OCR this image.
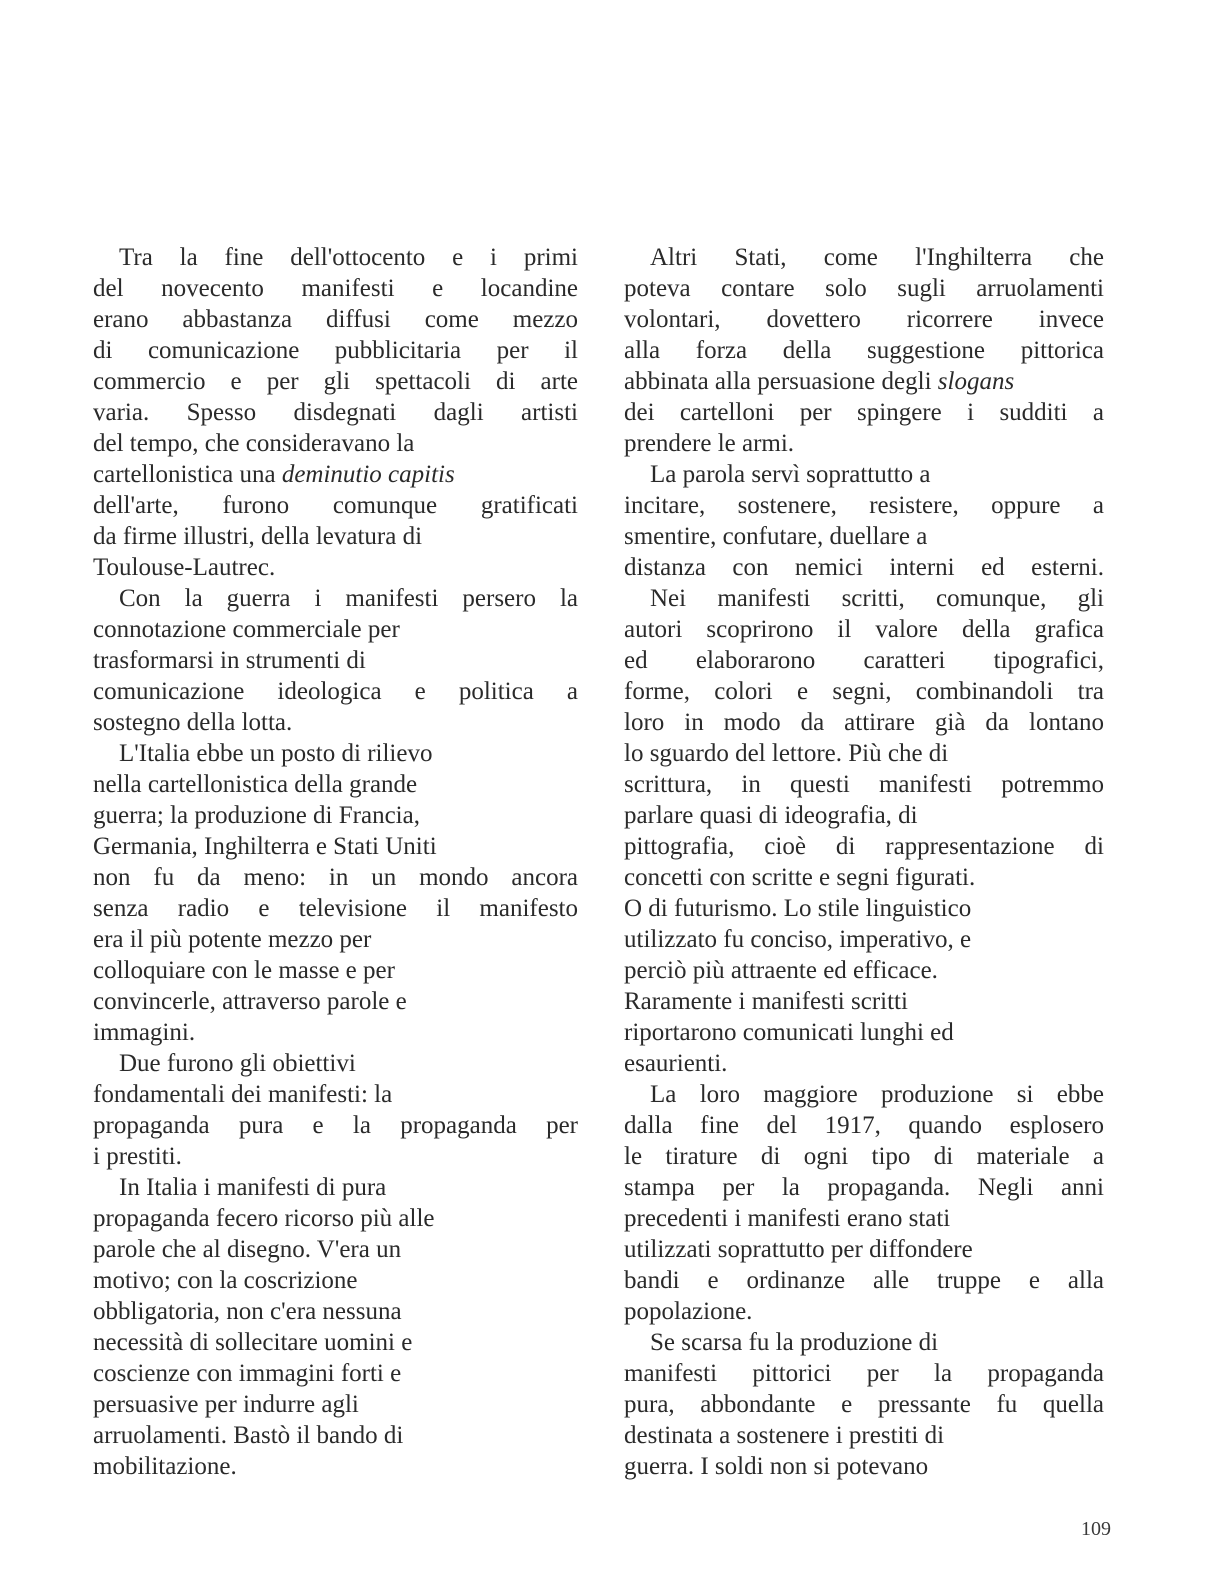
Tra la fine dell'ottocento e i primi
del novecento manifesti e locandine
erano abbastanza diffusi come mezzo
di comunicazione pubblicitaria per il
commercio e per gli spettacoli di arte
varia. Spesso disdegnati dagli artisti
del tempo, che consideravano la
cartellonistica una deminutio capitis
dell'arte, furono comunque gratificati
da firme illustri, della levatura di
Toulouse-Lautrec.
Con la guerra i manifesti persero la
connotazione commerciale per
trasformarsi in strumenti di
comunicazione ideologica e politica a
sostegno della lotta.
L'Italia ebbe un posto di rilievo
nella cartellonistica della grande
guerra; la produzione di Francia,
Germania, Inghilterra e Stati Uniti
non fu da meno: in un mondo ancora
senza radio e televisione il manifesto
era il più potente mezzo per
colloquiare con le masse e per
convincerle, attraverso parole e
immagini.
Due furono gli obiettivi
fondamentali dei manifesti: la
propaganda pura e la propaganda per
i prestiti.
In Italia i manifesti di pura
propaganda fecero ricorso più alle
parole che al disegno. V'era un
motivo; con la coscrizione
obbligatoria, non c'era nessuna
necessità di sollecitare uomini e
coscienze con immagini forti e
persuasive per indurre agli
arruolamenti. Bastò il bando di
mobilitazione.
Altri Stati, come l'Inghilterra che
poteva contare solo sugli arruolamenti
volontari, dovettero ricorrere invece
alla forza della suggestione pittorica
abbinata alla persuasione degli slogans
dei cartelloni per spingere i sudditi a
prendere le armi.
La parola servì soprattutto a
incitare, sostenere, resistere, oppure a
smentire, confutare, duellare a
distanza con nemici interni ed esterni.
Nei manifesti scritti, comunque, gli
autori scoprirono il valore della grafica
ed elaborarono caratteri tipografici,
forme, colori e segni, combinandoli tra
loro in modo da attirare già da lontano
lo sguardo del lettore. Più che di
scrittura, in questi manifesti potremmo
parlare quasi di ideografia, di
pittografia, cioè di rappresentazione di
concetti con scritte e segni figurati.
O di futurismo. Lo stile linguistico
utilizzato fu conciso, imperativo, e
perciò più attraente ed efficace.
Raramente i manifesti scritti
riportarono comunicati lunghi ed
esaurienti.
La loro maggiore produzione si ebbe
dalla fine del 1917, quando esplosero
le tirature di ogni tipo di materiale a
stampa per la propaganda. Negli anni
precedenti i manifesti erano stati
utilizzati soprattutto per diffondere
bandi e ordinanze alle truppe e alla
popolazione.
Se scarsa fu la produzione di
manifesti pittorici per la propaganda
pura, abbondante e pressante fu quella
destinata a sostenere i prestiti di
guerra. I soldi non si potevano
109
